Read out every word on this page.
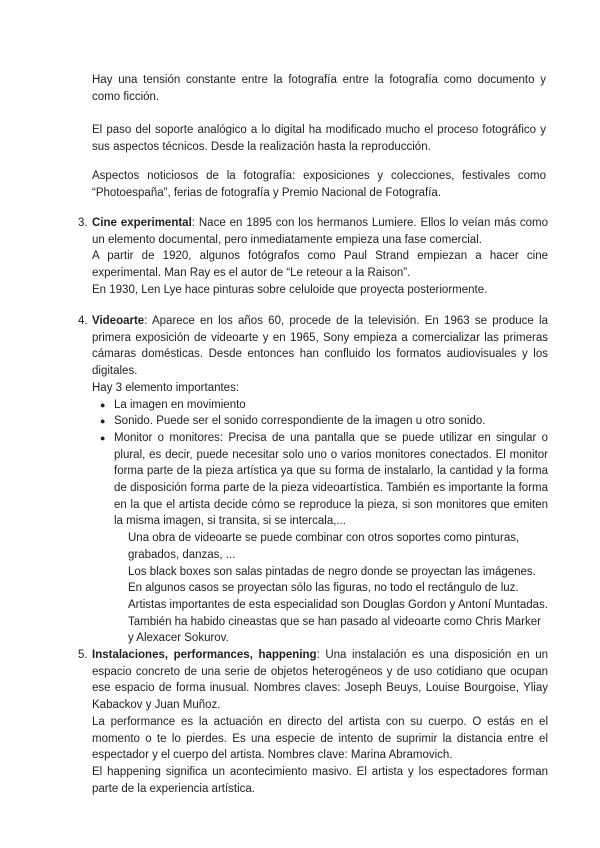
Hay una tensión constante entre la fotografía entre la fotografía como documento y como ficción.

El paso del soporte analógico a lo digital ha modificado mucho el proceso fotográfico y sus aspectos técnicos. Desde la realización hasta la reproducción.

Aspectos noticiosos de la fotografía: exposiciones y colecciones, festivales como “Photoespaña”, ferias de fotografía y Premio Nacional de Fotografía.

3. Cine experimental: Nace en 1895 con los hermanos Lumiere. Ellos lo veían más como un elemento documental, pero inmediatamente empieza una fase comercial.

A partir de 1920, algunos fotógrafos como Paul Strand empiezan a hacer cine experimental. Man Ray es el autor de “Le reteour a la Raison”.

En 1930, Len Lye hace pinturas sobre celuloide que proyecta posteriormente.

4. Videoarte: Aparece en los años 60, procede de la televisión. En 1963 se produce la primera exposición de videoarte y en 1965, Sony empieza a comercializar las primeras cámaras domésticas. Desde entonces han confluido los formatos audiovisuales y los digitales.

Hay 3 elemento importantes:

● La imagen en movimiento
● Sonido. Puede ser el sonido correspondiente de la imagen u otro sonido.
● Monitor o monitores: Precisa de una pantalla que se puede utilizar en singular o plural, es decir, puede necesitar solo uno o varios monitores conectados. El monitor forma parte de la pieza artística ya que su forma de instalarlo, la cantidad y la forma de disposición forma parte de la pieza videoartística. También es importante la forma en la que el artista decide cómo se reproduce la pieza, si son monitores que emiten la misma imagen, si transita, si se intercala,...

Una obra de videoarte se puede combinar con otros soportes como pinturas, grabados, danzas, ...

Los black boxes son salas pintadas de negro donde se proyectan las imágenes. En algunos casos se proyectan sólo las figuras, no todo el rectángulo de luz.

Artistas importantes de esta especialidad son Douglas Gordon y Antoní Muntadas. También ha habido cineastas que se han pasado al videoarte como Chris Marker y Alexacer Sokurov.

5. Instalaciones, performances, happening: Una instalación es una disposición en un espacio concreto de una serie de objetos heterogéneos y de uso cotidiano que ocupan ese espacio de forma inusual. Nombres claves: Joseph Beuys, Louise Bourgoise, Yliay Kabackov y Juan Muñoz.

La performance es la actuación en directo del artista con su cuerpo. O estás en el momento o te lo pierdes. Es una especie de intento de suprimir la distancia entre el espectador y el cuerpo del artista. Nombres clave: Marina Abramovich.

El happening significa un acontecimiento masivo. El artista y los espectadores forman parte de la experiencia artística.
